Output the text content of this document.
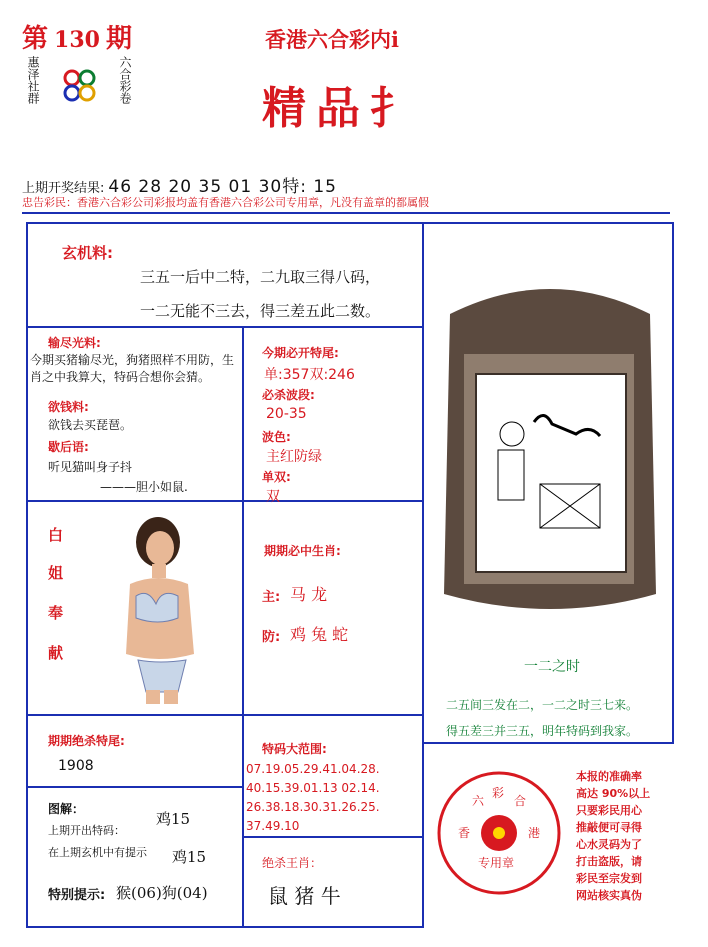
第 130 期
惠泽社群	六合彩卷
香港六合彩内i
精品扌
上期开奖结果: 46 28 20 35 01 30特: 15
忠告彩民：香港六合彩公司彩报均盖有香港六合彩公司专用章，凡没有盖章的都属假
玄机料:
三五一后中二特，二九取三得八码，
一二无能不三去，得三差五此二数。
输尽光料:
今期买猪输尽光，狗猪照样不用防，生肖之中我算大，特码合想你会猜。
欲钱料:
欲钱去买琵琶。
歇后语:
听见猫叫身子抖
———胆小如鼠.
今期必开特尾:
单:357双:246
必杀波段:
20-35
波色:
主红防绿
单双:
双
白
姐
奉
献
期期必中生肖:
主: 马 龙
防: 鸡 兔 蛇
一二之时
二五间三发在二，一二之时三七来。
得五差三并三五，明年特码到我家。
期期绝杀特尾:
1908
特码大范围:
07.19.05.29.41.04.28.
40.15.39.01.13 02.14.
26.38.18.30.31.26.25.
37.49.10
图解：
上期开出特码：
鸡15
在上期玄机中有提示 鸡15
特别提示: 猴(06)狗(04)
绝杀王肖：
鼠 猪 牛
六
彩
合
香	港
专用章
本报的准确率
高达 90%以上
只要彩民用心
推敲便可寻得
心水灵码为了
打击盗版，请
彩民至宗发到
网站核实真伪
